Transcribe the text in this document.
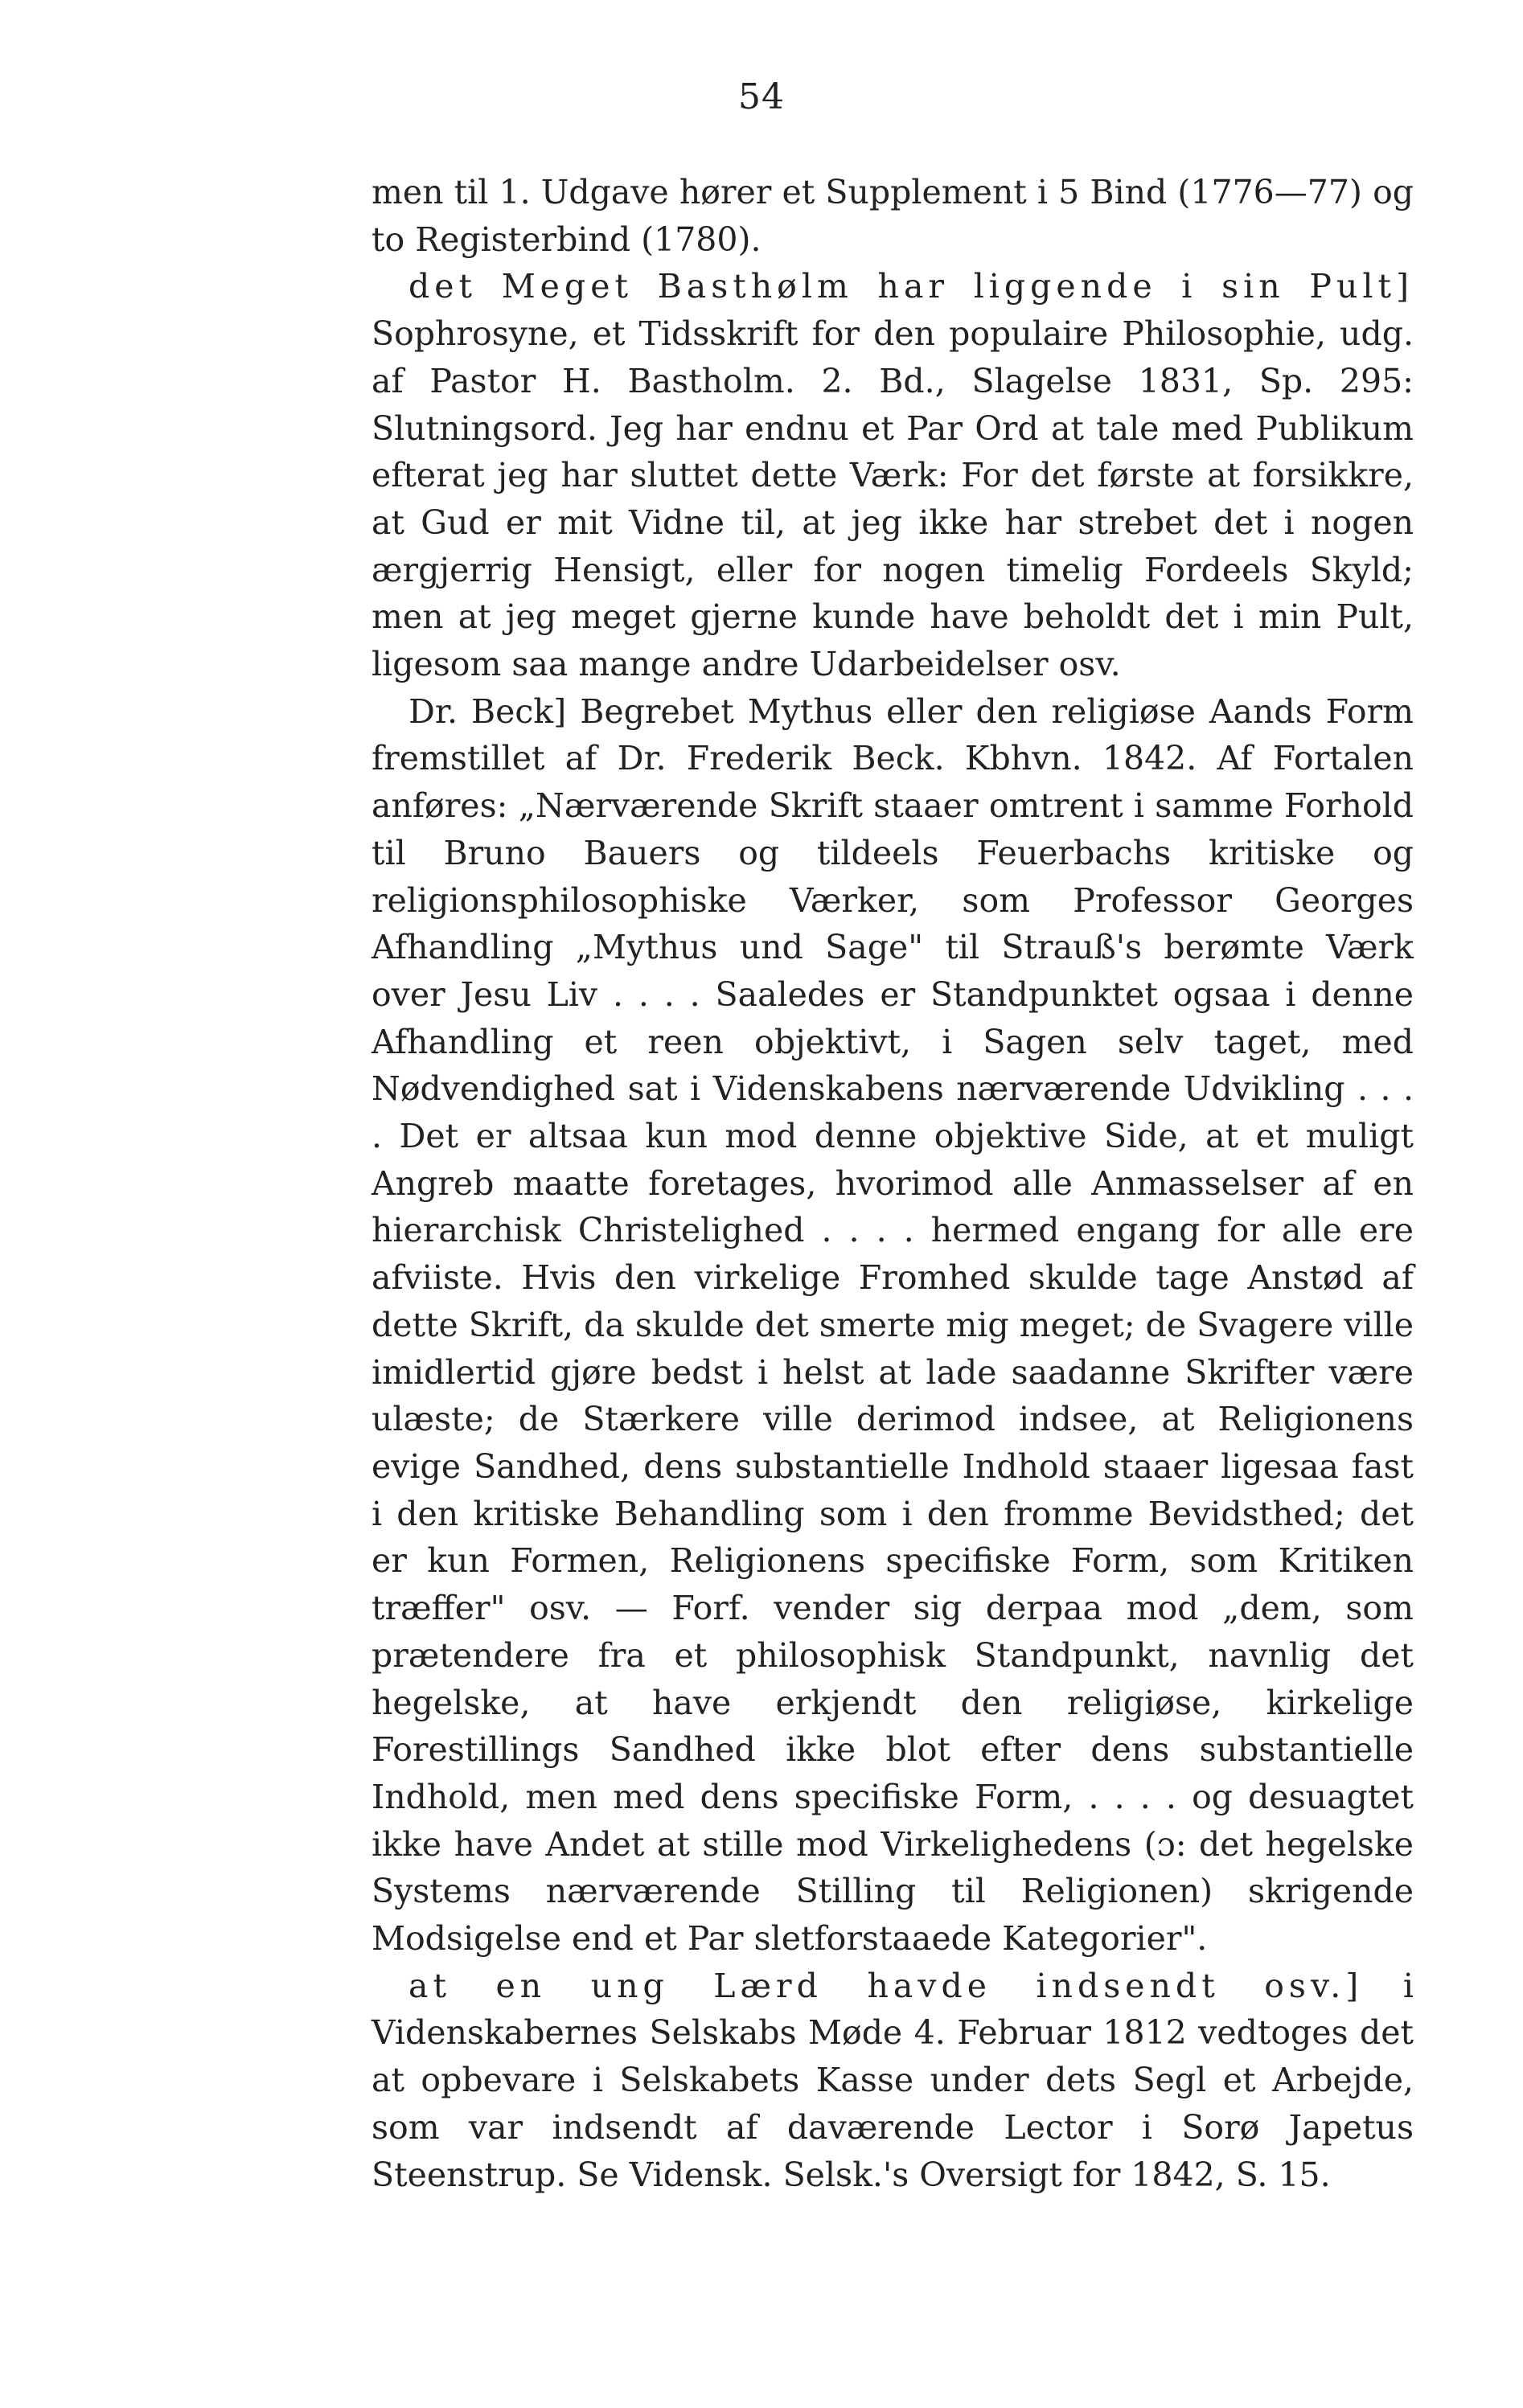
54

men til 1. Udgave hører et Supplement i 5 Bind (1776—77) og to Registerbind (1780).

det Meget Basthølm har liggende i sin Pult] Sophrosyne, et Tidsskrift for den populaire Philosophie, udg. af Pastor H. Bastholm. 2. Bd., Slagelse 1831, Sp. 295: Slutningsord. Jeg har endnu et Par Ord at tale med Publikum efterat jeg har sluttet dette Værk: For det første at forsikkre, at Gud er mit Vidne til, at jeg ikke har strebet det i nogen ærgjerrig Hensigt, eller for nogen timelig Fordeels Skyld; men at jeg meget gjerne kunde have beholdt det i min Pult, ligesom saa mange andre Udarbeidelser osv.

Dr. Beck] Begrebet Mythus eller den religiøse Aands Form fremstillet af Dr. Frederik Beck. Kbhvn. 1842. Af Fortalen anføres: „Nærværende Skrift staaer omtrent i samme Forhold til Bruno Bauers og tildeels Feuerbachs kritiske og religionsphilosophiske Værker, som Professor Georges Afhandling „Mythus und Sage" til Strauß's berømte Værk over Jesu Liv . . . . Saaledes er Standpunktet ogsaa i denne Afhandling et reen objektivt, i Sagen selv taget, med Nødvendighed sat i Videnskabens nærværende Udvikling . . . . Det er altsaa kun mod denne objektive Side, at et muligt Angreb maatte foretages, hvorimod alle Anmasselser af en hierarchisk Christelighed . . . . hermed engang for alle ere afviiste. Hvis den virkelige Fromhed skulde tage Anstød af dette Skrift, da skulde det smerte mig meget; de Svagere ville imidlertid gjøre bedst i helst at lade saadanne Skrifter være ulæste; de Stærkere ville derimod indsee, at Religionens evige Sandhed, dens substantielle Indhold staaer ligesaa fast i den kritiske Behandling som i den fromme Bevidsthed; det er kun Formen, Religionens specifiske Form, som Kritiken træffer" osv. — Forf. vender sig derpaa mod „dem, som prætendere fra et philosophisk Standpunkt, navnlig det hegelske, at have erkjendt den religiøse, kirkelige Forestillings Sandhed ikke blot efter dens substantielle Indhold, men med dens specifiske Form, . . . . og desuagtet ikke have Andet at stille mod Virkelighedens (ɔ: det hegelske Systems nærværende Stilling til Religionen) skrigende Modsigelse end et Par sletforstaaede Kategorier".

at en ung Lærd havde indsendt osv.] i Videnskabernes Selskabs Møde 4. Februar 1812 vedtoges det at opbevare i Selskabets Kasse under dets Segl et Arbejde, som var indsendt af daværende Lector i Sorø Japetus Steenstrup. Se Vidensk. Selsk.'s Oversigt for 1842, S. 15.
